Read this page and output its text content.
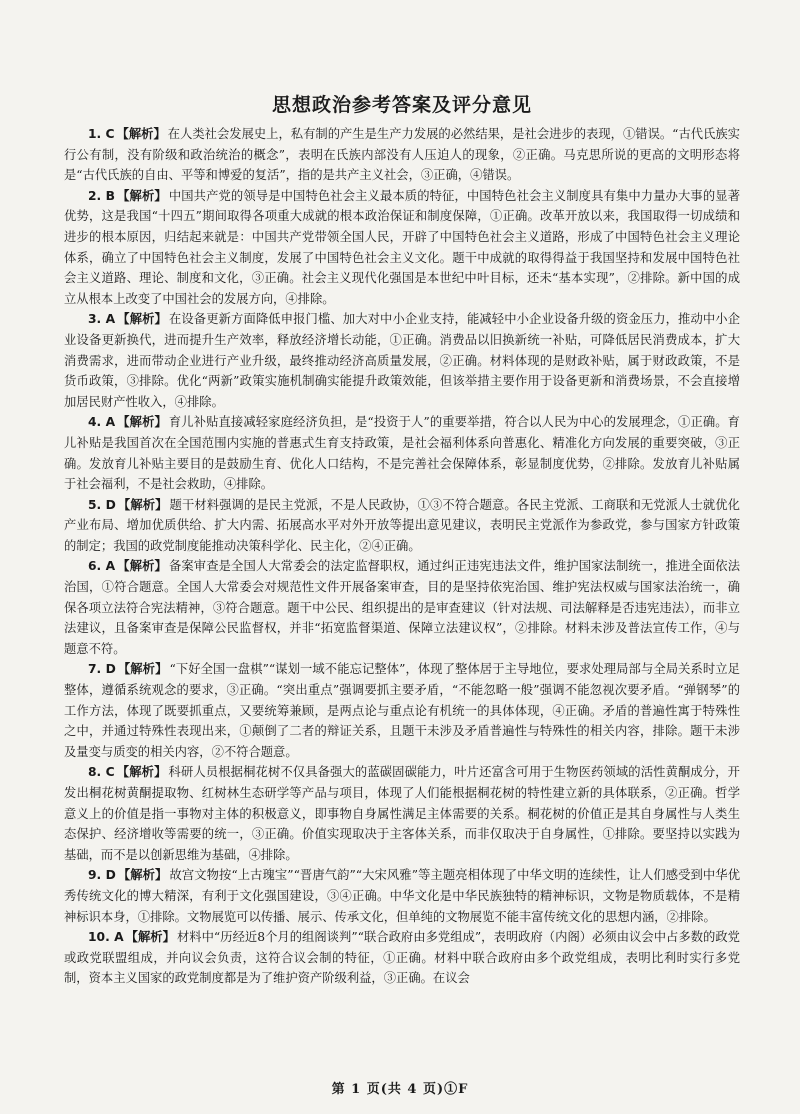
思想政治参考答案及评分意见

1. C 【解析】 在人类社会发展史上，私有制的产生是生产力发展的必然结果，是社会进步的表现，①错误。“古代氏族实行公有制，没有阶级和政治统治的概念”，表明在氏族内部没有人压迫人的现象，②正确。马克思所说的更高的文明形态将是“古代氏族的自由、平等和博爱的复活”，指的是共产主义社会，③正确，④错误。

2. B 【解析】 中国共产党的领导是中国特色社会主义最本质的特征，中国特色社会主义制度具有集中力量办大事的显著优势，这是我国“十四五”期间取得各项重大成就的根本政治保证和制度保障，①正确。改革开放以来，我国取得一切成绩和进步的根本原因，归结起来就是：中国共产党带领全国人民，开辟了中国特色社会主义道路，形成了中国特色社会主义理论体系，确立了中国特色社会主义制度，发展了中国特色社会主义文化。题干中成就的取得得益于我国坚持和发展中国特色社会主义道路、理论、制度和文化，③正确。社会主义现代化强国是本世纪中叶目标，还未“基本实现”，②排除。新中国的成立从根本上改变了中国社会的发展方向，④排除。

3. A 【解析】 在设备更新方面降低申报门槛、加大对中小企业支持，能减轻中小企业设备升级的资金压力，推动中小企业设备更新换代，进而提升生产效率，释放经济增长动能，①正确。消费品以旧换新统一补贴，可降低居民消费成本，扩大消费需求，进而带动企业进行产业升级，最终推动经济高质量发展，②正确。材料体现的是财政补贴，属于财政政策，不是货币政策，③排除。优化“两新”政策实施机制确实能提升政策效能，但该举措主要作用于设备更新和消费场景，不会直接增加居民财产性收入，④排除。

4. A 【解析】 育儿补贴直接减轻家庭经济负担，是“投资于人”的重要举措，符合以人民为中心的发展理念，①正确。育儿补贴是我国首次在全国范围内实施的普惠式生育支持政策，是社会福利体系向普惠化、精准化方向发展的重要突破，③正确。发放育儿补贴主要目的是鼓励生育、优化人口结构，不是完善社会保障体系，彰显制度优势，②排除。发放育儿补贴属于社会福利，不是社会救助，④排除。

5. D 【解析】 题干材料强调的是民主党派，不是人民政协，①③不符合题意。各民主党派、工商联和无党派人士就优化产业布局、增加优质供给、扩大内需、拓展高水平对外开放等提出意见建议，表明民主党派作为参政党，参与国家方针政策的制定；我国的政党制度能推动决策科学化、民主化，②④正确。

6. A 【解析】 备案审查是全国人大常委会的法定监督职权，通过纠正违宪违法文件，维护国家法制统一，推进全面依法治国，①符合题意。全国人大常委会对规范性文件开展备案审查，目的是坚持依宪治国、维护宪法权威与国家法治统一，确保各项立法符合宪法精神，③符合题意。题干中公民、组织提出的是审查建议（针对法规、司法解释是否违宪违法），而非立法建议，且备案审查是保障公民监督权，并非“拓宽监督渠道、保障立法建议权”，②排除。材料未涉及普法宣传工作，④与题意不符。

7. D 【解析】 “下好全国一盘棋”“谋划一域不能忘记整体”，体现了整体居于主导地位，要求处理局部与全局关系时立足整体，遵循系统观念的要求，③正确。“突出重点”强调要抓主要矛盾，“不能忽略一般”强调不能忽视次要矛盾。“弹钢琴”的工作方法，体现了既要抓重点，又要统筹兼顾，是两点论与重点论有机统一的具体体现，④正确。矛盾的普遍性寓于特殊性之中，并通过特殊性表现出来，①颠倒了二者的辩证关系，且题干未涉及矛盾普遍性与特殊性的相关内容，排除。题干未涉及量变与质变的相关内容，②不符合题意。

8. C 【解析】 科研人员根据桐花树不仅具备强大的蓝碳固碳能力，叶片还富含可用于生物医药领域的活性黄酮成分，开发出桐花树黄酮提取物、红树林生态研学等产品与项目，体现了人们能根据桐花树的特性建立新的具体联系，②正确。哲学意义上的价值是指一事物对主体的积极意义，即事物自身属性满足主体需要的关系。桐花树的价值正是其自身属性与人类生态保护、经济增收等需要的统一，③正确。价值实现取决于主客体关系，而非仅取决于自身属性，①排除。要坚持以实践为基础，而不是以创新思维为基础，④排除。

9. D 【解析】 故宫文物按“上古瑰宝”“晋唐气韵”“大宋风雅”等主题亮相体现了中华文明的连续性，让人们感受到中华优秀传统文化的博大精深，有利于文化强国建设，③④正确。中华文化是中华民族独特的精神标识，文物是物质载体，不是精神标识本身，①排除。文物展览可以传播、展示、传承文化，但单纯的文物展览不能丰富传统文化的思想内涵，②排除。

10. A 【解析】 材料中“历经近8个月的组阁谈判”“联合政府由多党组成”，表明政府（内阁）必须由议会中占多数的政党或政党联盟组成，并向议会负责，这符合议会制的特征，①正确。材料中联合政府由多个政党组成，表明比利时实行多党制，资本主义国家的政党制度都是为了维护资产阶级利益，③正确。在议会

第 1 页(共 4 页)①F
